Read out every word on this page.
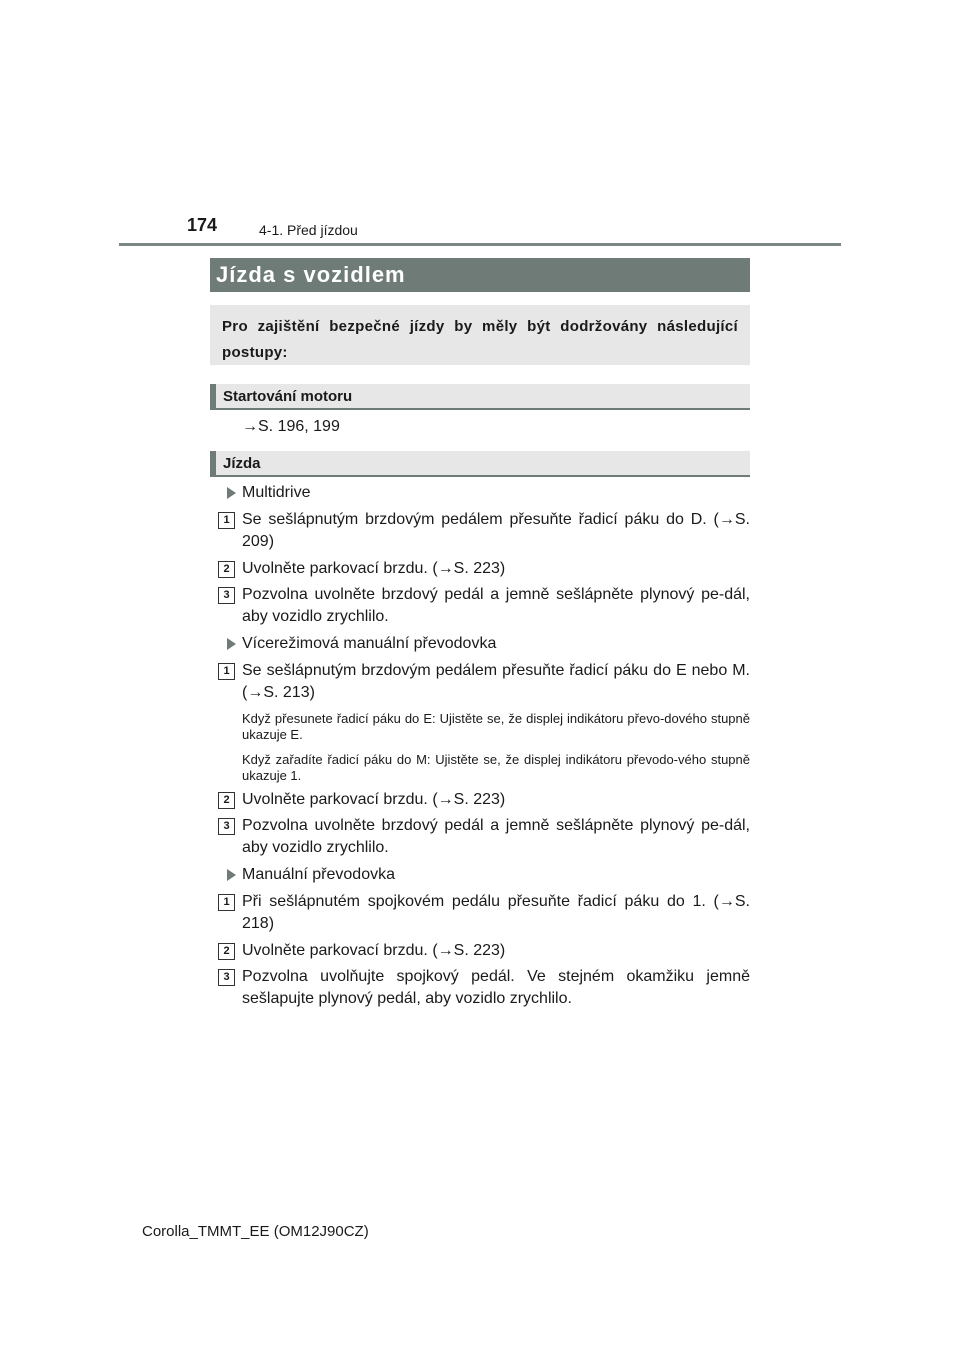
174	4-1. Před jízdou
Jízda s vozidlem
Pro zajištění bezpečné jízdy by měly být dodržovány následující postupy:
Startování motoru
→S. 196, 199
Jízda
Multidrive
1 Se sešlápnutým brzdovým pedálem přesuňte řadicí páku do D. (→S. 209)
2 Uvolněte parkovací brzdu. (→S. 223)
3 Pozvolna uvolněte brzdový pedál a jemně sešlápněte plynový pe-dál, aby vozidlo zrychlilo.
Vícerežimová manuální převodovka
1 Se sešlápnutým brzdovým pedálem přesuňte řadicí páku do E nebo M. (→S. 213)
Když přesunete řadicí páku do E: Ujistěte se, že displej indikátoru převo-dového stupně ukazuje E.
Když zařadíte řadicí páku do M: Ujistěte se, že displej indikátoru převodo-vého stupně ukazuje 1.
2 Uvolněte parkovací brzdu. (→S. 223)
3 Pozvolna uvolněte brzdový pedál a jemně sešlápněte plynový pe-dál, aby vozidlo zrychlilo.
Manuální převodovka
1 Při sešlápnutém spojkovém pedálu přesuňte řadicí páku do 1. (→S. 218)
2 Uvolněte parkovací brzdu. (→S. 223)
3 Pozvolna uvolňujte spojkový pedál. Ve stejném okamžiku jemně sešlapujte plynový pedál, aby vozidlo zrychlilo.
Corolla_TMMT_EE (OM12J90CZ)
